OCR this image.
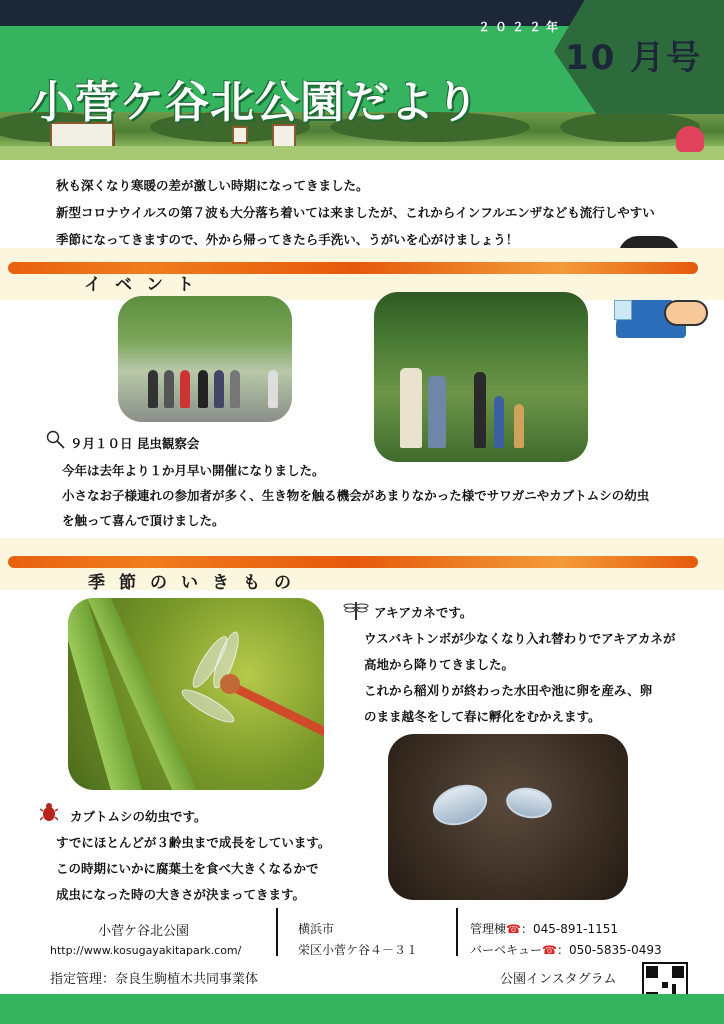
２０２２年
10 月号
小菅ケ谷北公園だより

秋も深くなり寒暖の差が激しい時期になってきました。

新型コロナウイルスの第７波も大分落ち着いては来ましたが、これからインフルエンザなども流行しやすい

季節になってきますので、外から帰ってきたら手洗い、うがいを心がけましょう！

イベント
９月１０日 昆虫観察会

今年は去年より１か月早い開催になりました。

小さなお子様連れの参加者が多く、生き物を触る機会があまりなかった様でサワガニやカブトムシの幼虫

を触って喜んで頂けました。

季節のいきもの

アキアカネです。

ウスバキトンボが少なくなり入れ替わりでアキアカネが

高地から降りてきました。

これから稲刈りが終わった水田や池に卵を産み、卵

のまま越冬をして春に孵化をむかえます。

カブトムシの幼虫です。

すでにほとんどが３齢虫まで成長をしています。

この時期にいかに腐葉土を食べ大きくなるかで

成虫になった時の大きさが決まってきます。

小菅ケ谷北公園
http://www.kosugayakitapark.com/
指定管理：奈良生駒植木共同事業体
横浜市
栄区小菅ケ谷４－３１
管理棟☎：045-891-1151
バーベキュー☎：050-5835-0493
公園インスタグラム
